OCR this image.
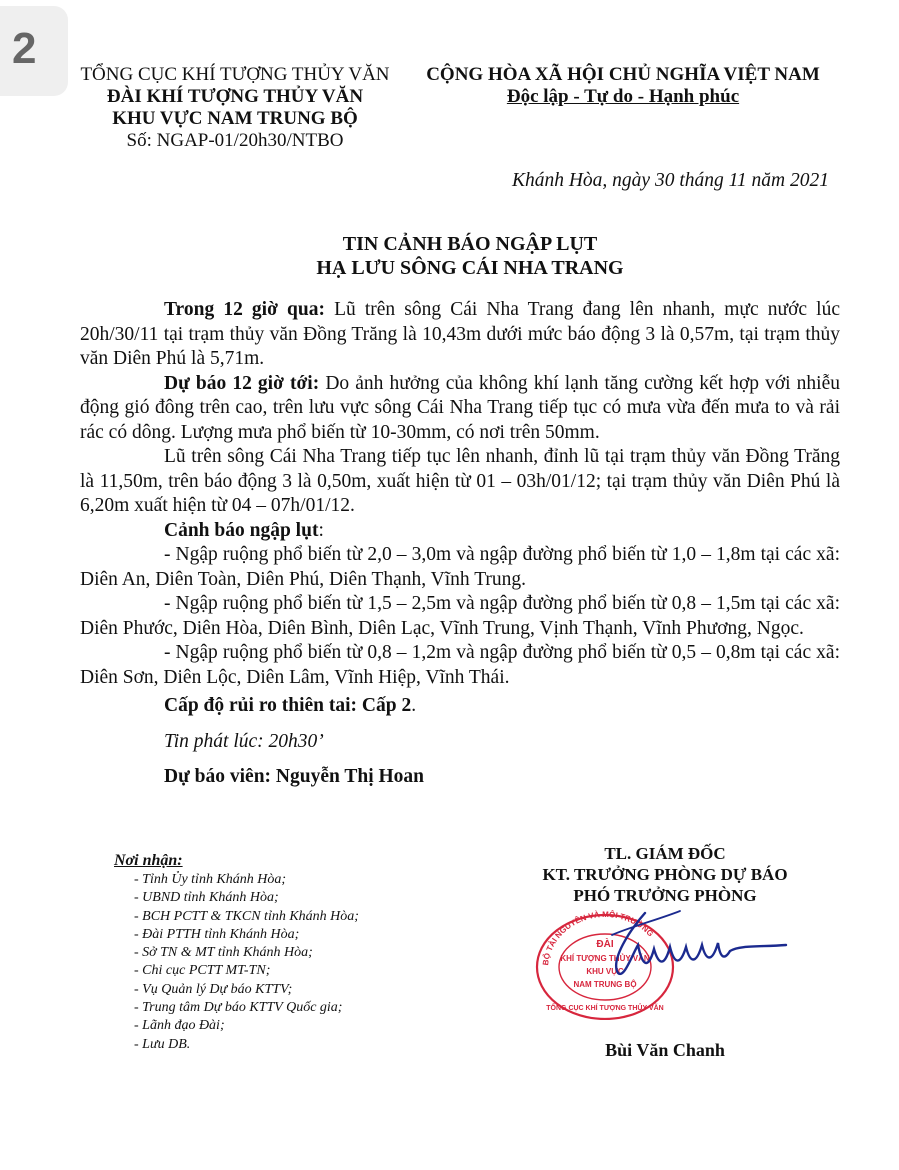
2
TỔNG CỤC KHÍ TƯỢNG THỦY VĂN
ĐÀI KHÍ TƯỢNG THỦY VĂN
KHU VỰC NAM TRUNG BỘ
Số: NGAP-01/20h30/NTBO
CỘNG HÒA XÃ HỘI CHỦ NGHĨA VIỆT NAM
Độc lập - Tự do - Hạnh phúc
Khánh Hòa, ngày 30 tháng 11 năm 2021
TIN CẢNH BÁO NGẬP LỤT
HẠ LƯU SÔNG CÁI NHA TRANG

Trong 12 giờ qua: Lũ trên sông Cái Nha Trang đang lên nhanh, mực nước lúc 20h/30/11 tại trạm thủy văn Đồng Trăng là 10,43m dưới mức báo động 3 là 0,57m, tại trạm thủy văn Diên Phú là 5,71m.

Dự báo 12 giờ tới: Do ảnh hưởng của không khí lạnh tăng cường kết hợp với nhiễu động gió đông trên cao, trên lưu vực sông Cái Nha Trang tiếp tục có mưa vừa đến mưa to và rải rác có dông. Lượng mưa phổ biến từ 10-30mm, có nơi trên 50mm.

Lũ trên sông Cái Nha Trang tiếp tục lên nhanh, đỉnh lũ tại trạm thủy văn Đồng Trăng là 11,50m, trên báo động 3 là 0,50m, xuất hiện từ 01 – 03h/01/12; tại trạm thủy văn Diên Phú là 6,20m xuất hiện từ 04 – 07h/01/12.

Cảnh báo ngập lụt:

- Ngập ruộng phổ biến từ 2,0 – 3,0m và ngập đường phổ biến từ 1,0 – 1,8m tại các xã: Diên An, Diên Toàn, Diên Phú, Diên Thạnh, Vĩnh Trung.

- Ngập ruộng phổ biến từ 1,5 – 2,5m và ngập đường phổ biến từ 0,8 – 1,5m tại các xã: Diên Phước, Diên Hòa, Diên Bình, Diên Lạc, Vĩnh Trung, Vịnh Thạnh, Vĩnh Phương, Ngọc.

- Ngập ruộng phổ biến từ 0,8 – 1,2m và ngập đường phổ biến từ 0,5 – 0,8m tại các xã: Diên Sơn, Diên Lộc, Diên Lâm, Vĩnh Hiệp, Vĩnh Thái.

Cấp độ rủi ro thiên tai: Cấp 2.

Tin phát lúc: 20h30’

Dự báo viên: Nguyễn Thị Hoan

Nơi nhận:
- Tỉnh Ủy tỉnh Khánh Hòa;
- UBND tỉnh Khánh Hòa;
- BCH PCTT & TKCN tỉnh Khánh Hòa;
- Đài PTTH tỉnh Khánh Hòa;
- Sở TN & MT tỉnh Khánh Hòa;
- Chi cục PCTT MT-TN;
- Vụ Quản lý Dự báo KTTV;
- Trung tâm Dự báo KTTV Quốc gia;
- Lãnh đạo Đài;
- Lưu DB.
TL. GIÁM ĐỐC
KT. TRƯỞNG PHÒNG DỰ BÁO
PHÓ TRƯỞNG PHÒNG
BỘ TÀI NGUYÊN VÀ MÔI TRƯỜNG
ĐÀI
KHÍ TƯỢNG THỦY VĂN
KHU VỰC
NAM TRUNG BỘ
TỔNG CỤC KHÍ TƯỢNG THỦY VĂN
Bùi Văn Chanh
